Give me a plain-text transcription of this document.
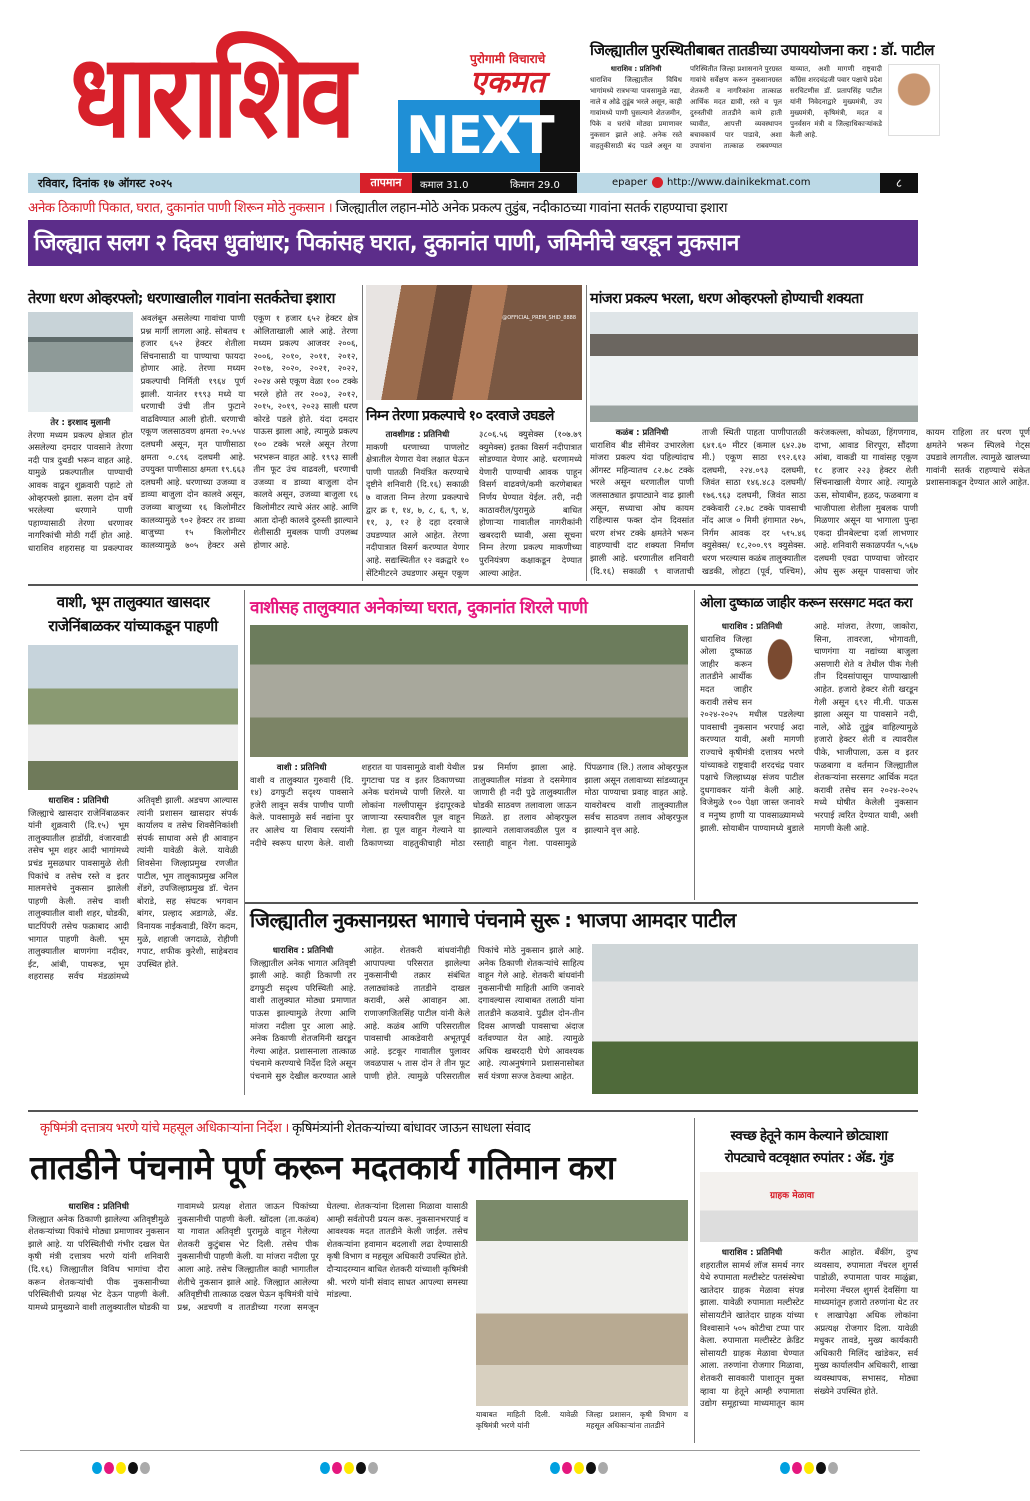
धाराशिव	पुरोगामी विचाराचे
एकमत
NEXT
जिल्ह्यातील पुरस्थितीबाबत तातडीच्या उपाययोजना करा : डॉ. पाटील
धाराशिव : प्रतिनिधी
धाराशिव जिल्ह्यातील विविध भागांमध्ये रात्रभऱ्या पावसामुळे नद्या, नाले व ओढे तुडूंब भरले असून, काही गावांमध्ये पाणी घुसल्याने शेतजमीन, पिके व घरांचे मोठ्या प्रमाणावर नुकसान झाले आहे. अनेक रस्ते वाहतुकीसाठी बंद पडले असून या परिस्थितीत जिल्हा प्रशासनाने पुरग्रस्त गावांचे सर्वेक्षण करून नुकसानग्रस्त शेतकरी व नागरिकांना तात्काळ आर्थिक मदत द्यावी, रस्ते व पूल दुरुस्तीची तातडीने कामे हाती घ्यावीत, आपत्ती व्यवस्थापन बचावकार्य पार पाडावे, अशा उपायांना तात्काळ राबवण्यात याव्यात, अशी मागणी राष्ट्रवादी काँग्रेस शरदचंद्रजी पवार पक्षाचे प्रदेश सरचिटणीस डॉ. प्रतापसिंह पाटील यांनी निवेदनाद्वारे मुख्यमंत्री, उप मुख्यमंत्री, कृषिमंत्री, मदत व पुनर्वसन मंत्री व जिल्हाधिकाऱ्यांकडे केली आहे.
रविवार, दिनांक १७ ऑगस्ट २०२५	तापमान	कमाल 31.0	किमान 29.0	epaper http://www.dainikekmat.com	८
अनेक ठिकाणी पिकात, घरात, दुकानांत पाणी शिरून मोठे नुकसान । जिल्ह्यातील लहान-मोठे अनेक प्रकल्प तुडुंब, नदीकाठच्या गावांना सतर्क राहण्याचा इशारा
जिल्ह्यात सलग २ दिवस धुवांधार; पिकांसह घरात, दुकानांत पाणी, जमिनीचे खरडून नुकसान
तेरणा धरण ओव्हरफ्लो; धरणाखालील गावांना सतर्कतेचा इशारा
तेर : इरशाद मुलानी
तेरणा मध्यम प्रकल्प क्षेत्रात होत असलेल्या दमदार पावसाने तेरणा नदी पात्र दुथडी भरून वाहत आहे. यामुळे प्रकल्पातील पाण्याची आवक वाढून शुक्रवारी पहाटे तो ओव्हरफ्लो झाला. सलग दोन वर्षे भरलेल्या धरणाने पाणी पहाण्यासाठी तेरणा धरणावर नागरिकांची मोठी गर्दी होत आहे. धाराशिव शहरासह या प्रकल्पावर अवलंबून असलेल्या गावांचा पाणी प्रश्न मार्गी लागला आहे. सोबतच १ हजार ६५२ हेक्टर शेतीला सिंचनासाठी या पाण्याचा फायदा होणार आहे. तेरणा मध्यम प्रकल्पाची निर्मिती १९६४ पूर्ण झाली. यानंतर १९९३ मध्ये या धरणाची उंची तीन फुटाने वाढविण्यात आली होती. धरणाची एकूण जलसाठवण क्षमता २०.५५४ दलघमी असून, मृत पाणीसाठा क्षमता ०.८९६ दलघमी आहे. उपयुक्त पाणीसाठा क्षमता १९.६६३ दलघमी आहे. धरणाच्या उजव्या व डाव्या बाजुला दोन कालवे असून, उजव्या बाजुच्या १६ किलोमीटर कालव्यामुळे ९०२ हेक्टर तर डाव्या बाजुच्या १५ किलोमीटर कालव्यामुळे ७०५ हेक्टर असे एकूण १ हजार ६५२ हेक्टर क्षेत्र ओलिताखाली आले आहे. तेरणा मध्यम प्रकल्प आजवर २००६, २००६, २०१०, २०११, २०१२, २०१७, २०२०, २०२१, २०२२, २०२४ असे एकूण वेळा १०० टक्के भरले होते तर २००३, २०१२, २०१५, २०१९, २०२३ साली धरण कोरडे पडले होते. यंदा दमदार पाऊस झाला आहे, त्यामुळे प्रकल्प १०० टक्के भरले असून तेरणा भरभरून वाहत आहे. १९९३ साली तीन फूट उंच वाढवली, धरणाची उजव्या व डाव्या बाजुला दोन कालवे असून, उजव्या बाजुला १६ किलोमीटर त्याचे अंतर आहे. आणि आता दोन्ही कालवे दुरुस्ती झाल्याने शेतीसाठी मुबलक पाणी उपलब्ध होणार आहे.
@OFFICIAL_PREM_SHID_8888
निम्न तेरणा प्रकल्पाचे १० दरवाजे उघडले
तावशीगड : प्रतिनिधी
माकणी धरणाच्या पाणलोट क्षेत्रातील येणारा येवा लक्षात घेऊन पाणी पातळी नियंत्रित करण्याचे दृष्टीने शनिवारी (दि.१६) सकाळी ७ वाजता निम्न तेरणा प्रकल्पाचे द्वार क्र १, १४, ७, ८, ६, ९, ४, ११, ३, १२ हे दहा दरवाजे उघडण्यात आले आहेत. तेरणा नदीपात्रात विसर्ग करण्यात येणार आहे. सद्यःस्थितीत १२ वक्रद्वारे १० सेंटिमीटरने उघडणार असून एकूण ३८०६.५६ क्युसेक्स (१०७.७९ क्युमेक्स) इतका विसर्ग नदीपात्रात सोडण्यात येणार आहे. धरणामध्ये येणारी पाण्याची आवक पाहून विसर्ग वाढवणे/कमी करणेबाबत निर्णय घेण्यात येईल. तरी, नदी काठावरील/पुरामुळे बाधित होणाऱ्या गावातील नागरीकांनी खबरदारी घ्यावी, असा सूचना निम्न तेरणा प्रकल्प माकणीच्या पुरनियंत्रण कक्षाकडून देण्यात आल्या आहेत.
मांजरा प्रकल्प भरला, धरण ओव्हरफ्लो होण्याची शक्यता
कळंब : प्रतिनिधी
धाराशिव बीड सीमेवर उभारलेला मांजरा प्रकल्प यंदा पहिल्यांदाच ऑगस्ट महिन्यातच ८२.७८ टक्के भरले असून धरणातील पाणी जलसाठ्यात झपाट्याने वाढ झाली असून, सध्याचा ओघ कायम राहिल्यास फक्त दोन दिवसांत धरण शंभर टक्के क्षमतेने भरून वाहण्याची दाट शक्यता निर्माण झाली आहे. धरणातील शनिवारी (दि.१६) सकाळी ९ वाजताची ताजी स्थिती पाहता पाणीपातळी ६४१.६० मीटर (कमाल ६४२.३७ मी.) एकूण साठा १९२.६१३ दलघमी, २२४.०९३ दलघमी, जिवंत साठा १४६.४८३ दलघमी/ १७६.९६३ दलघमी, जिवंत साठा टक्केवारी ८२.७८ टक्के पावसाची नोंद आज ० मिमी हंगामात २७५, निर्गम आवक दर ५१५.४६ क्युसेक्स/ १८,२००.९९ क्युसेक्स. धरण भरल्यास कळंब तालुक्यातील खडकी, लोहटा (पूर्व, पश्चिम), करंजकल्ला, कोथळा, हिंगणगाव, दाभा, आवाड शिरपूरा, सौंदणा आंबा, वाकडी या गावांसह एकूण १८ हजार २२३ हेक्टर शेती सिंचनाखाली येणार आहे. त्यामुळे ऊस, सोयाबीन, हळद, फळबागा व भाजीपाला शेतीला मुबलक पाणी मिळणार असून या भागाला पुन्हा एकदा ग्रीनबेल्टचा दर्जा लाभणार आहे. शनिवारी सकाळपर्यंत ५,५६७ दलघमी एवढा पाण्याचा जोरदार ओघ सुरू असून पावसाचा जोर कायम राहिला तर धरण पूर्ण क्षमतेने भरून स्पिलवे गेट्स उघडावे लागतील. त्यामुळे खालच्या गावांनी सतर्क राहण्याचे संकेत प्रशासनाकडून देण्यात आले आहेत.
वाशी, भूम तालुक्यात खासदार
राजेनिंबाळकर यांच्याकडून पाहणी
धाराशिव : प्रतिनिधी
जिल्ह्याचे खासदार राजेनिंबाळकर यांनी शुक्रवारी (दि.१५) भूम तालुक्यातील हाडोंग्री, वंजारवाडी तसेच भूम शहर आदी भागांमध्ये प्रचंड मुसळधार पावसामुळे शेती पिकांचे व तसेच रस्ते व इतर मालमत्तेचे नुकसान झालेली पाहणी केली. तसेच वाशी तालुक्यातील वाशी शहर, घोडकी, घाटपिंपरी तसेच फक्राबाद आदी भागात पाहणी केली. भूम तालुक्यातील बाणगंगा नदीवर, ईट, आंबी, पाथरूड, भूम शहरासह सर्वच मंडळांमध्ये अतिवृष्टी झाली. अडचण आल्यास त्यांनी प्रशासन खासदार संपर्क कार्यालय व तसेच शिवसैनिकांशी संपर्क साधावा असे ही आवाहन त्यांनी यावेळी केले. यावेळी शिवसेना जिल्हाप्रमुख रणजीत पाटील, भूम तालुकाप्रमुख अनिल शेंडगे, उपजिल्हाप्रमुख डॉ. चेतन बोराडे, सह संघटक भगवान बांगर, प्रल्हाद अडागळे, ॲड. विनायक नाईकवाडी, विरेंग कदम, मुळे, शहाजी जगदाळे, रोहीणी गपाट, शफीक कुरेशी, साहेबराव उपस्थित होते.
वाशीसह तालुक्यात अनेकांच्या घरात, दुकानांत शिरले पाणी
वाशी : प्रतिनिधी
वाशी व तालुक्यात गुरुवारी (दि. १४) ढगफुटी सदृश्य पावसाने हजेरी लावून सर्वत्र पाणीच पाणी केले. पावसामुळे सर्व नद्यांना पुर तर आलेच या शिवाय रस्त्यांनी नदीचे स्वरूप धारण केले. वाशी शहरात या पावसामुळे वाशी येथील गुगटाचा पड व इतर ठिकाणच्या अनेक घरांमध्ये पाणी शिरले. या लोकांना गल्लीपासून इंदापूरकडे जाणाऱ्या रस्त्यावरील पूल वाहून गेला. हा पूल वाहून गेल्याने या ठिकाणच्या वाहतुकीचाही मोठा प्रश्न निर्माण झाला आहे. तालुक्यातील मांडवा ते दसमेगाव जाणारी ही नदी पुढे तालुक्यातील घोडकी साठवण तलावाला जाऊन मिळते. हा तलाव ओव्हरफुल झाल्याने तलावाजवळील पुल व रस्ताही वाहून गेला. पावसामुळे पिंपळगाव (लि.) तलाव ओव्हरफुल झाला असून तलावाच्या सांडव्यातून मोठा पाण्याचा प्रवाह वाहत आहे. यावरोबरच वाशी तालुक्यातील सर्वच साठवण तलाव ओव्हरफुल झाल्याने वृत्त आहे.
ओला दुष्काळ जाहीर करून सरसगट मदत करा
धाराशिव : प्रतिनिधी
धाराशिव जिल्हा ओला दुष्काळ जाहीर करून तातडीने आर्थीक मदत जाहीर करावी तसेच सन २०२४-२०२५ मधील पडलेल्या पावसाची नुकसान भरपाई अदा करण्यात यावी, अशी मागणी राज्याचे कृषीमंत्री दत्तात्रय भरणे यांच्याकडे राष्ट्रवादी शरदचंद्र पवार पक्षाचे जिल्हाध्यक्ष संजय पाटील दुधगावकर यांनी केली आहे. विजेमुळे १०० पेक्षा जास्त जनावरे व मनुष्य हाणी या पावसाळ्यामध्ये झाली. सोयाबीन पाण्यामध्ये बुडाले आहे. मांजरा, तेरणा, जाकोरा, सिना, तावरजा, भोगावती, चाणगंगा या नद्यांच्या बाजुला असणारी शेते व तेथील पीक गेली तीन दिवसांपासून पाण्याखाली आहेत. हजारो हेक्टर शेती खरडून गेली असून ६९२ मी.मी. पाऊस झाला असून या पावसाने नदी, नाले, ओढे तुडुंब वाहिल्यामुळे हजारो हेक्टर शेती व त्यावरील पीके, भाजीपाला, ऊस व इतर फळबागा व वर्तमान जिल्ह्यातील शेतकऱ्यांना सरसगट आर्थिक मदत करावी तसेच सन २०२४-२०२५ मध्ये घोषीत केलेली नुकसान भरपाई त्वरित देण्यात यावी, अशी मागणी केली आहे.
जिल्ह्यातील नुकसानग्रस्त भागाचे पंचनामे सुरू : भाजपा आमदार पाटील
धाराशिव : प्रतिनिधी
जिल्ह्यातील अनेक भागात अतिवृष्टी झाली आहे. काही ठिकाणी तर ढगफुटी सदृश्य परिस्थिती आहे. वाशी तालुक्यात मोठ्या प्रमाणात पाऊस झाल्यामुळे तेरणा आणि मांजरा नदीला पुर आला आहे. अनेक ठिकाणी शेतजमिनी खरडून गेल्या आहेत. प्रशासनाला तात्काळ पंचनामे करण्याचे निर्देश दिले असून पंचनामे सुरु देखील करण्यात आले आहेत. शेतकरी बांधवांनीही आपापल्या परिसरात झालेल्या नुकसानीची तक्रार संबंधित तलाठ्यांकडे तातडीने दाखल करावी, असे आवाहन आ. राणाजगजितसिंह पाटील यांनी केले आहे. कळंब आणि परिसरातील पावसाची आकडेवारी अभूतपूर्व आहे. इटकूर गावातील पुलावर जवळपास ५ तास दोन ते तीन फूट पाणी होते. त्यामुळे परिसरातील पिकांचे मोठे नुकसान झाले आहे. अनेक ठिकाणी शेतकऱ्यांचे साहित्य वाहून गेले आहे. शेतकरी बांधवांनी नुकसानीची माहिती आणि जनावरे दगावल्यास त्याबाबत तलाठी यांना तातडीने कळवावे. पुढील दोन-तीन दिवस आणखी पावसाचा अंदाज वर्तवण्यात येत आहे. त्यामुळे अधिक खबरदारी घेणे आवश्यक आहे. त्याअनुषंगाने प्रशासनासोबत सर्व यंत्रणा सज्ज ठेवल्या आहेत.
कृषिमंत्री दत्तात्रय भरणे यांचे महसूल अधिकाऱ्यांना निर्देश । कृषिमंत्र्यांनी शेतकऱ्यांच्या बांधावर जाऊन साधला संवाद
तातडीने पंचनामे पूर्ण करून मदतकार्य गतिमान करा
धाराशिव : प्रतिनिधी
जिल्ह्यात अनेक ठिकाणी झालेल्या अतिवृष्टीमुळे शेतकऱ्यांच्या पिकांचे मोठ्या प्रमाणावर नुकसान झाले आहे. या परिस्थितीची गंभीर दखल घेत कृषी मंत्री दत्तात्रय भरणे यांनी शनिवारी (दि.१६) जिल्ह्यातील विविध भागांचा दौरा करून शेतकऱ्यांची पीक नुकसानीच्या परिस्थितीची प्रत्यक्ष भेट देऊन पाहणी केली. यामध्ये प्रामुख्याने वाशी तालुक्यातील घोडकी या गावामध्ये प्रत्यक्ष शेतात जाऊन पिकांच्या नुकसानीची पाहणी केली. खोंदला (ता.कळंब) या गावात अतिवृष्टी पुरामुळे वाहून गेलेल्या शेतकरी कुटुंबास भेट दिली. तसेच पीक नुकसानीची पाहणी केली. या मांजरा नदीला पूर आला आहे. तसेच जिल्ह्यातील काही भागातील शेतीचे नुकसान झाले आहे. जिल्ह्यात आलेल्या अतिवृष्टीची तात्काळ दखल घेऊन कृषिमंत्री यांचे प्रश्न, अडचणी व तातडीच्या गरजा समजून घेतल्या. शेतकऱ्यांना दिलासा मिळावा यासाठी आम्ही सर्वतोपरी प्रयत्न करू. नुकसानभरपाई व आवश्यक मदत तातडीने केली जाईल. तसेच शेतकऱ्यांना हवामान बदलाशी लढा देण्यासाठी कृषी विभाग व महसूल अधिकारी उपस्थित होते. दौऱ्यादरम्यान बाधित शेतकरी यांच्याशी कृषिमंत्री श्री. भरणे यांनी संवाद साधत आपल्या समस्या मांडल्या.
याबाबत माहिती दिली. यावेळी कृषिमंत्री भरणे यांनी
जिल्हा प्रशासन, कृषी विभाग व महसूल अधिकाऱ्यांना तातडीने
स्वच्छ हेतूने काम केल्याने छोट्याशा
रोपट्याचे वटवृक्षात रुपांतर : ॲड. गुंड
ग्राहक मेळावा
धाराशिव : प्रतिनिधी
शहरातील सामर्थ लॉज समर्थ नगर येथे रुपामाता मल्टीस्टेट पतसंस्थेचा खातेदार ग्राहक मेळावा संपन्न झाला. यावेळी रुपामाता मल्टीस्टेट सोसायटीने खातेदार ग्राहक यांच्या विश्वासाने ५०५ कोटीचा टप्पा पार केला. रुपामाता मल्टीस्टेट क्रेडिट सोसायटी ग्राहक मेळावा घेण्यात आला. तरुणांना रोजगार मिळावा, शेतकरी सावकारी पाशातून मुक्त व्हावा या हेतूने आम्ही रुपामाता उद्योग समूहाच्या माध्यमातून काम करीत आहोत. बँकींग, दुग्ध व्यवसाय, रुपामाता नॅचरल शुगर्स पाडोळी, रुपामाता पावर माळुंब्रा, मनोरमा नॅचरल शुगर्स देवसिंगा या माध्यमांतून हजारो तरुणांना थेट तर १ लाखापेक्षा अधिक लोकांना अप्रत्यक्ष रोजगार दिला. यावेळी मधुकर तावडे, मुख्य कार्यकारी अधिकारी मिलिंद खांडेकर, सर्व मुख्य कार्यालयीन अधिकारी, शाखा व्यवस्थापक, सभासद, मोठ्या संख्येने उपस्थित होते.
